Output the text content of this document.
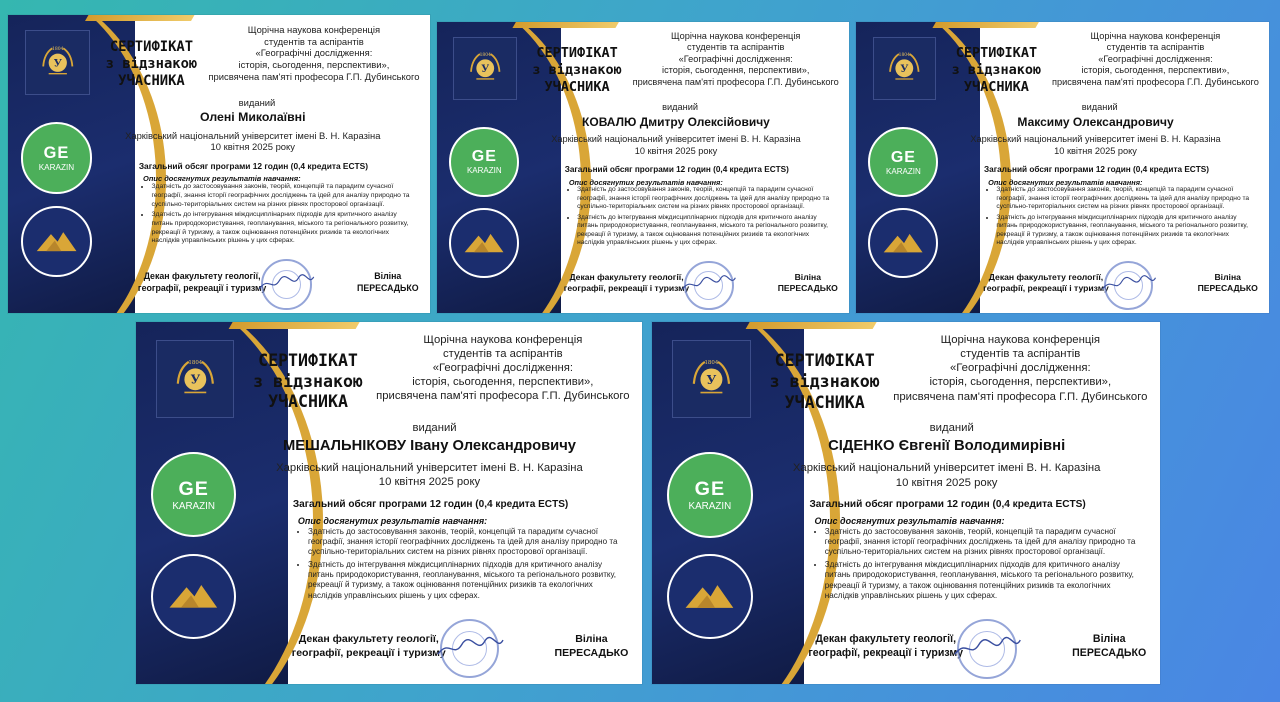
1804
У
СЕРТИФІКАТ
з відзнакою
УЧАСНИКА
Щорічна наукова конференція
студентів та аспірантів
«Географічні дослідження:
історія, сьогодення, перспективи»,
присвячена пам'яті професора Г.П. Дубинського
GE
KARAZIN
виданий
Олені Миколаївні
Харківський національний університет імені В. Н. Каразіна
10 квітня 2025 року
Загальний обсяг програми 12 годин (0,4 кредита ECTS)
Опис досягнутих результатів навчання:
• Здатність до застосовування законів, теорій, концепцій та парадигм сучасної географії, знання історії географічних досліджень та ідей для аналізу природно та суспільно-територіальних систем на різних рівнях просторової організації.
• Здатність до інтегрування міждисциплінарних підходів для критичного аналізу питань природокористування, геопланування, міського та регіонального розвитку, рекреації й туризму, а також оцінювання потенційних ризиків та екологічних наслідків управлінських рішень у цих сферах.
Декан факультету геології,
географії, рекреації і туризму
Віліна
ПЕРЕСАДЬКО
1804
У
СЕРТИФІКАТ
з відзнакою
УЧАСНИКА
Щорічна наукова конференція
студентів та аспірантів
«Географічні дослідження:
історія, сьогодення, перспективи»,
присвячена пам'яті професора Г.П. Дубинського
GE
KARAZIN
виданий
КОВАЛЮ Дмитру Олексійовичу
Харківський національний університет імені В. Н. Каразіна
10 квітня 2025 року
Загальний обсяг програми 12 годин (0,4 кредита ECTS)
Опис досягнутих результатів навчання:
• Здатність до застосовування законів, теорій, концепцій та парадигм сучасної географії, знання історії географічних досліджень та ідей для аналізу природно та суспільно-територіальних систем на різних рівнях просторової організації.
• Здатність до інтегрування міждисциплінарних підходів для критичного аналізу питань природокористування, геопланування, міського та регіонального розвитку, рекреації й туризму, а також оцінювання потенційних ризиків та екологічних наслідків управлінських рішень у цих сферах.
Декан факультету геології,
географії, рекреації і туризму
Віліна
ПЕРЕСАДЬКО
1804
У
СЕРТИФІКАТ
з відзнакою
УЧАСНИКА
Щорічна наукова конференція
студентів та аспірантів
«Географічні дослідження:
історія, сьогодення, перспективи»,
присвячена пам'яті професора Г.П. Дубинського
GE
KARAZIN
виданий
Максиму Олександровичу
Харківський національний університет імені В. Н. Каразіна
10 квітня 2025 року
Загальний обсяг програми 12 годин (0,4 кредита ECTS)
Опис досягнутих результатів навчання:
• Здатність до застосовування законів, теорій, концепцій та парадигм сучасної географії, знання історії географічних досліджень та ідей для аналізу природно та суспільно-територіальних систем на різних рівнях просторової організації.
• Здатність до інтегрування міждисциплінарних підходів для критичного аналізу питань природокористування, геопланування, міського та регіонального розвитку, рекреації й туризму, а також оцінювання потенційних ризиків та екологічних наслідків управлінських рішень у цих сферах.
Декан факультету геології,
географії, рекреації і туризму
Віліна
ПЕРЕСАДЬКО
1804
У
СЕРТИФІКАТ
з відзнакою
УЧАСНИКА
Щорічна наукова конференція
студентів та аспірантів
«Географічні дослідження:
історія, сьогодення, перспективи»,
присвячена пам'яті професора Г.П. Дубинського
GE
KARAZIN
виданий
МЕШАЛЬНІКОВУ Івану Олександровичу
Харківський національний університет імені В. Н. Каразіна
10 квітня 2025 року
Загальний обсяг програми 12 годин (0,4 кредита ECTS)
Опис досягнутих результатів навчання:
• Здатність до застосовування законів, теорій, концепцій та парадигм сучасної географії, знання історії географічних досліджень та ідей для аналізу природно та суспільно-територіальних систем на різних рівнях просторової організації.
• Здатність до інтегрування міждисциплінарних підходів для критичного аналізу питань природокористування, геопланування, міського та регіонального розвитку, рекреації й туризму, а також оцінювання потенційних ризиків та екологічних наслідків управлінських рішень у цих сферах.
Декан факультету геології,
географії, рекреації і туризму
Віліна
ПЕРЕСАДЬКО
1804
У
СЕРТИФІКАТ
з відзнакою
УЧАСНИКА
Щорічна наукова конференція
студентів та аспірантів
«Географічні дослідження:
історія, сьогодення, перспективи»,
присвячена пам'яті професора Г.П. Дубинського
GE
KARAZIN
виданий
СІДЕНКО Євгенії Володимирівні
Харківський національний університет імені В. Н. Каразіна
10 квітня 2025 року
Загальний обсяг програми 12 годин (0,4 кредита ECTS)
Опис досягнутих результатів навчання:
• Здатність до застосовування законів, теорій, концепцій та парадигм сучасної географії, знання історії географічних досліджень та ідей для аналізу природно та суспільно-територіальних систем на різних рівнях просторової організації.
• Здатність до інтегрування міждисциплінарних підходів для критичного аналізу питань природокористування, геопланування, міського та регіонального розвитку, рекреації й туризму, а також оцінювання потенційних ризиків та екологічних наслідків управлінських рішень у цих сферах.
Декан факультету геології,
географії, рекреації і туризму
Віліна
ПЕРЕСАДЬКО
